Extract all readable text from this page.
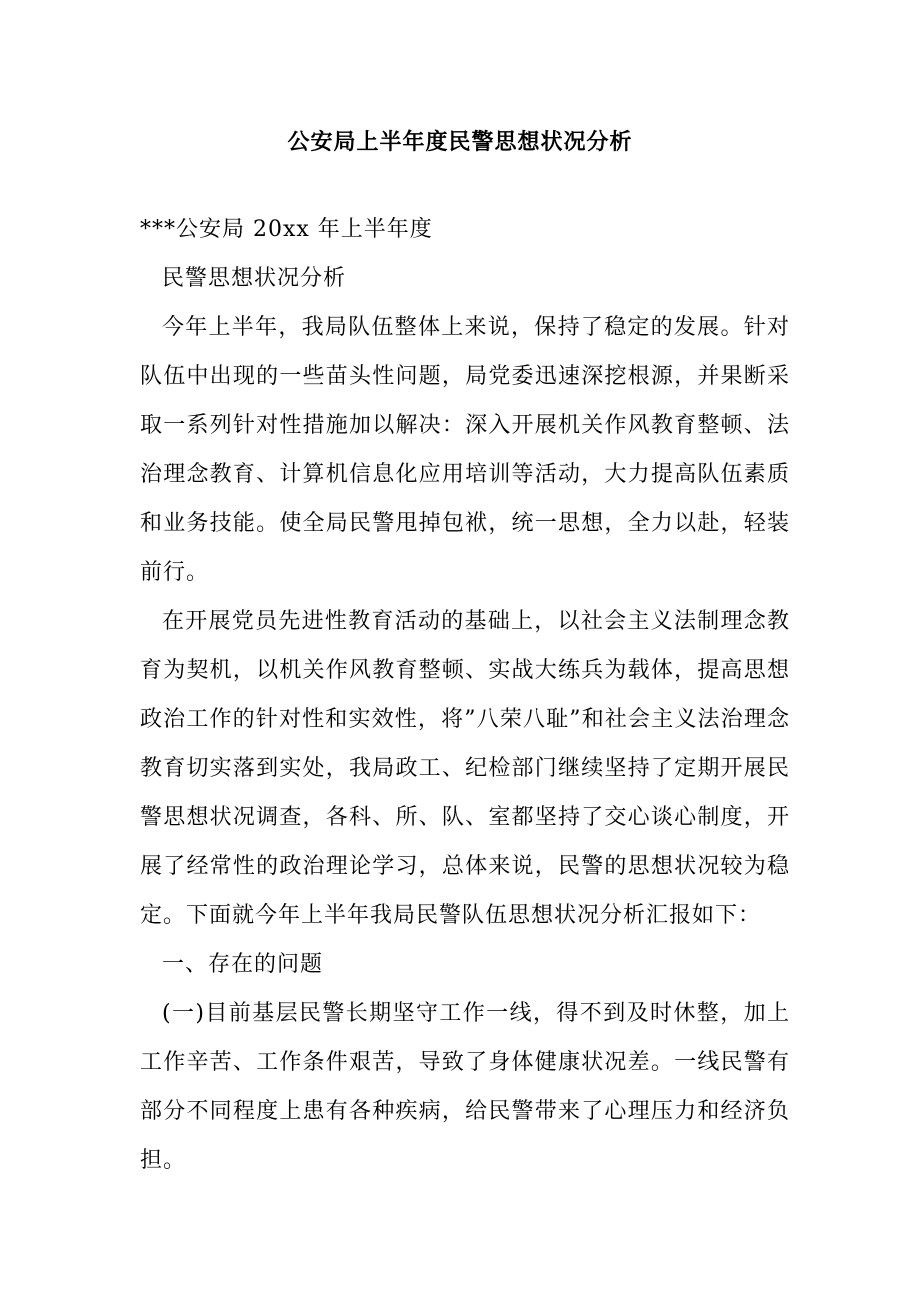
公安局上半年度民警思想状况分析

***公安局 20xx 年上半年度

民警思想状况分析

今年上半年，我局队伍整体上来说，保持了稳定的发展。针对队伍中出现的一些苗头性问题，局党委迅速深挖根源，并果断采取一系列针对性措施加以解决：深入开展机关作风教育整顿、法治理念教育、计算机信息化应用培训等活动，大力提高队伍素质和业务技能。使全局民警甩掉包袱，统一思想，全力以赴，轻装前行。

在开展党员先进性教育活动的基础上，以社会主义法制理念教育为契机，以机关作风教育整顿、实战大练兵为载体，提高思想政治工作的针对性和实效性，将”八荣八耻”和社会主义法治理念教育切实落到实处，我局政工、纪检部门继续坚持了定期开展民警思想状况调查，各科、所、队、室都坚持了交心谈心制度，开展了经常性的政治理论学习，总体来说，民警的思想状况较为稳定。下面就今年上半年我局民警队伍思想状况分析汇报如下：

一、存在的问题

(一)目前基层民警长期坚守工作一线，得不到及时休整，加上工作辛苦、工作条件艰苦，导致了身体健康状况差。一线民警有部分不同程度上患有各种疾病，给民警带来了心理压力和经济负担。
